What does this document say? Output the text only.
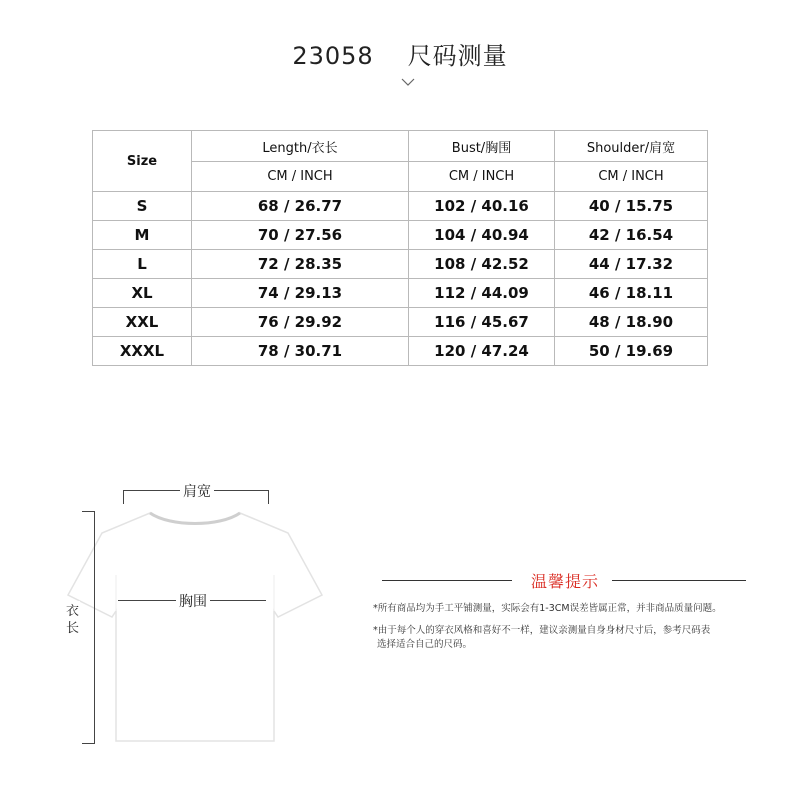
23058 尺码测量
Size	Length/衣长	Bust/胸围	Shoulder/肩宽
	CM / INCH	CM / INCH	CM / INCH
S	68 / 26.77	102 / 40.16	40 / 15.75
M	70 / 27.56	104 / 40.94	42 / 16.54
L	72 / 28.35	108 / 42.52	44 / 17.32
XL	74 / 29.13	112 / 44.09	46 / 18.11
XXL	76 / 29.92	116 / 45.67	48 / 18.90
XXXL	78 / 30.71	120 / 47.24	50 / 19.69
肩宽
胸围
衣
长
温馨提示
*所有商品均为手工平铺测量，实际会有1-3CM误差皆属正常，并非商品质量问题。
*由于每个人的穿衣风格和喜好不一样，建议亲测量自身身材尺寸后，参考尺码表
选择适合自己的尺码。
